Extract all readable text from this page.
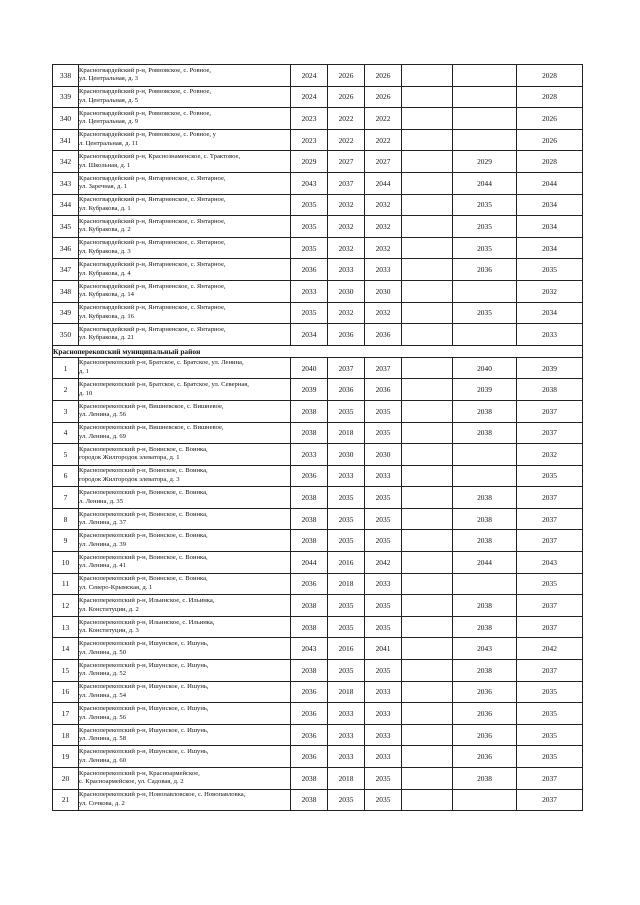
338	Красногвардейский р-н, Ровновское, с. Ровное,
ул. Центральная, д. 3	2024	2026	2026			2028
339	Красногвардейский р-н, Ровновское, с. Ровное,
ул. Центральная, д. 5	2024	2026	2026			2028
340	Красногвардейский р-н, Ровновское, с. Ровное,
ул. Центральная, д. 9	2023	2022	2022			2026
341	Красногвардейский р-н, Ровновское, с. Ровное, у
л. Центральная, д. 11	2023	2022	2022			2026
342	Красногвардейский р-н, Краснознаменское, с. Трактовое,
ул. Школьная, д. 1	2029	2027	2027		2029	2028
343	Красногвардейский р-н, Янтарненское, с. Янтарное,
ул. Заречная, д. 1	2043	2037	2044		2044	2044
344	Красногвардейский р-н, Янтарненское, с. Янтарное,
ул. Кубракова, д. 1	2035	2032	2032		2035	2034
345	Красногвардейский р-н, Янтарненское, с. Янтарное,
ул. Кубракова, д. 2	2035	2032	2032		2035	2034
346	Красногвардейский р-н, Янтарненское, с. Янтарное,
ул. Кубракова, д. 3	2035	2032	2032		2035	2034
347	Красногвардейский р-н, Янтарненское, с. Янтарное,
ул. Кубракова, д. 4	2036	2033	2033		2036	2035
348	Красногвардейский р-н, Янтарненское, с. Янтарное,
ул. Кубракова, д. 14	2033	2030	2030			2032
349	Красногвардейский р-н, Янтарненское, с. Янтарное,
ул. Кубракова, д. 16	2035	2032	2032		2035	2034
350	Красногвардейский р-н, Янтарненское, с. Янтарное,
ул. Кубракова, д. 21	2034	2036	2036			2033
Красноперекопский муниципальный район							
1	Красноперекопский р-н, Братское, с. Братское, ул. Ленина,
д. 1	2040	2037	2037		2040	2039
2	Красноперекопский р-н, Братское, с. Братское, ул. Северная,
д. 10	2039	2036	2036		2039	2038
3	Красноперекопский р-н, Вишневское, с. Вишневое,
ул. Ленина, д. 56	2038	2035	2035		2038	2037
4	Красноперекопский р-н, Вишневское, с. Вишневое,
ул. Ленина, д. 69	2038	2018	2035		2038	2037
5	Красноперекопский р-н, Воинское, с. Воинка,
городок Жилгородок элеватора, д. 1	2033	2030	2030			2032
6	Красноперекопский р-н, Воинское, с. Воинка,
городок Жилгородок элеватора, д. 3	2036	2033	2033			2035
7	Красноперекопский р-н, Воинское, с. Воинка,
л. Ленина, д. 35	2038	2035	2035		2038	2037
8	Красноперекопский р-н, Воинское, с. Воинка,
ул. Ленина, д. 37	2038	2035	2035		2038	2037
9	Красноперекопский р-н, Воинское, с. Воинка,
ул. Ленина, д. 39	2038	2035	2035		2038	2037
10	Красноперекопский р-н, Воинское, с. Воинка,
ул. Ленина, д. 41	2044	2016	2042		2044	2043
11	Красноперекопский р-н, Воинское, с. Воинка,
ул. Северо-Крымская, д. 1	2036	2018	2033			2035
12	Красноперекопский р-н, Ильинское, с. Ильинка,
ул. Конституции, д. 2	2038	2035	2035		2038	2037
13	Красноперекопский р-н, Ильинское, с. Ильинка,
ул. Конституции, д. 3	2038	2035	2035		2038	2037
14	Красноперекопский р-н, Ишунское, с. Ишунь,
ул. Ленина, д. 50	2043	2016	2041		2043	2042
15	Красноперекопский р-н, Ишунское, с. Ишунь,
ул. Ленина, д. 52	2038	2035	2035		2038	2037
16	Красноперекопский р-н, Ишунское, с. Ишунь,
ул. Ленина, д. 54	2036	2018	2033		2036	2035
17	Красноперекопский р-н, Ишунское, с. Ишунь,
ул. Ленина, д. 56	2036	2033	2033		2036	2035
18	Красноперекопский р-н, Ишунское, с. Ишунь,
ул. Ленина, д. 58	2036	2033	2033		2036	2035
19	Красноперекопский р-н, Ишунское, с. Ишунь,
ул. Ленина, д. 60	2036	2033	2033		2036	2035
20	Красноперекопский р-н, Красноармейское,
с. Красноармейское, ул. Садовая, д. 2	2038	2018	2035		2038	2037
21	Красноперекопский р-н, Новопавловское, с. Новопавловка,
ул. Сочкова, д. 2	2038	2035	2035			2037
